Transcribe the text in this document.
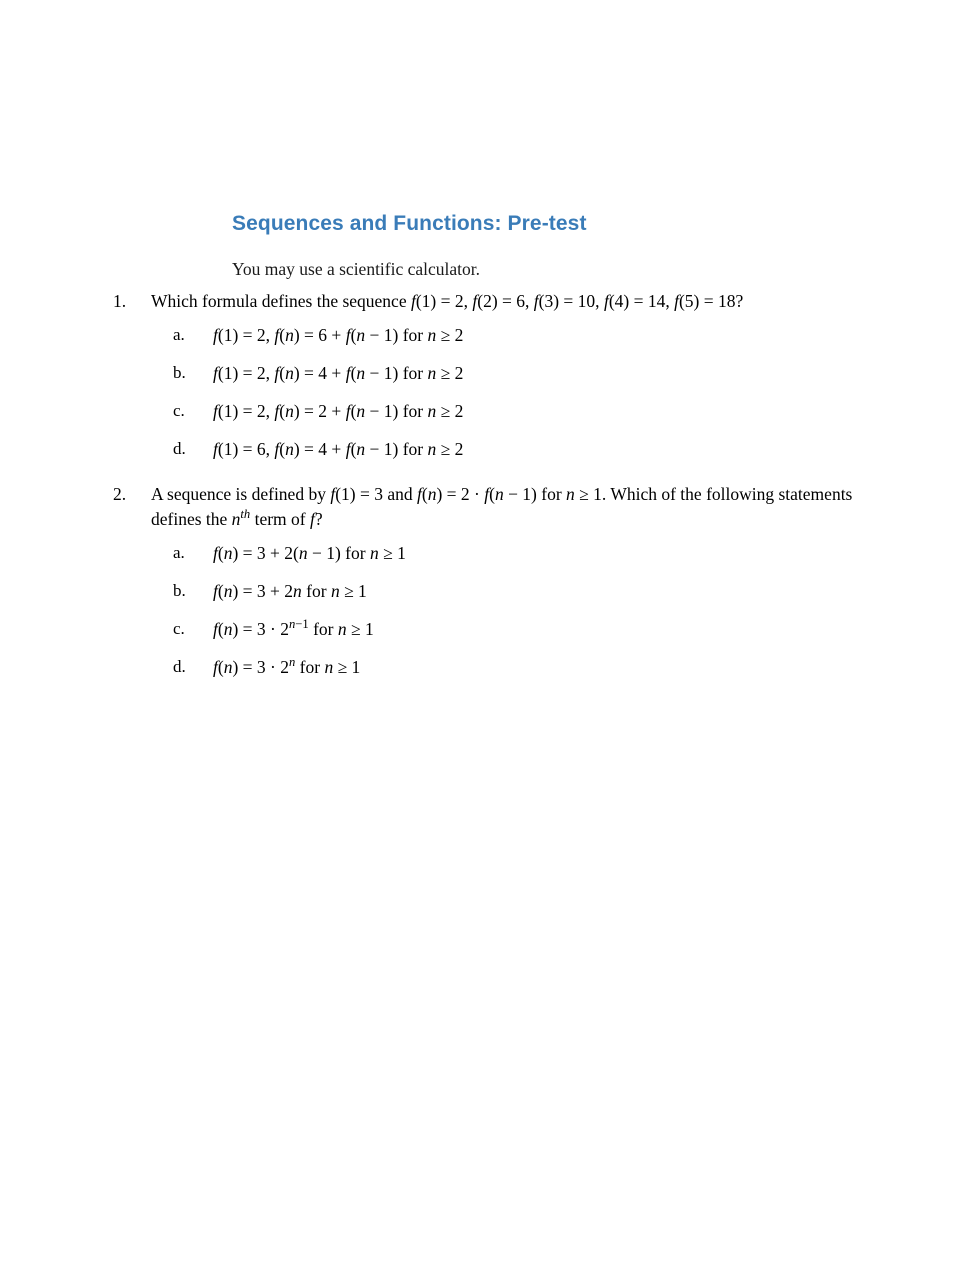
Sequences and Functions: Pre-test
You may use a scientific calculator.
1.	Which formula defines the sequence f(1) = 2, f(2) = 6, f(3) = 10, f(4) = 14, f(5) = 18?
a.	f(1) = 2, f(n) = 6 + f(n − 1) for n ≥ 2
b.	f(1) = 2, f(n) = 4 + f(n − 1) for n ≥ 2
c.	f(1) = 2, f(n) = 2 + f(n − 1) for n ≥ 2
d.	f(1) = 6, f(n) = 4 + f(n − 1) for n ≥ 2
2.	A sequence is defined by f(1) = 3 and f(n) = 2 · f(n − 1) for n ≥ 1. Which of the following statements defines the $n^{th}$ term of f?
a.	f(n) = 3 + 2(n − 1) for n ≥ 1
b.	f(n) = 3 + 2n for n ≥ 1
c.	$f(n) = 3 \cdot 2^{n-1}$ for n ≥ 1
d.	$f(n) = 3 \cdot 2^n$ for n ≥ 1
